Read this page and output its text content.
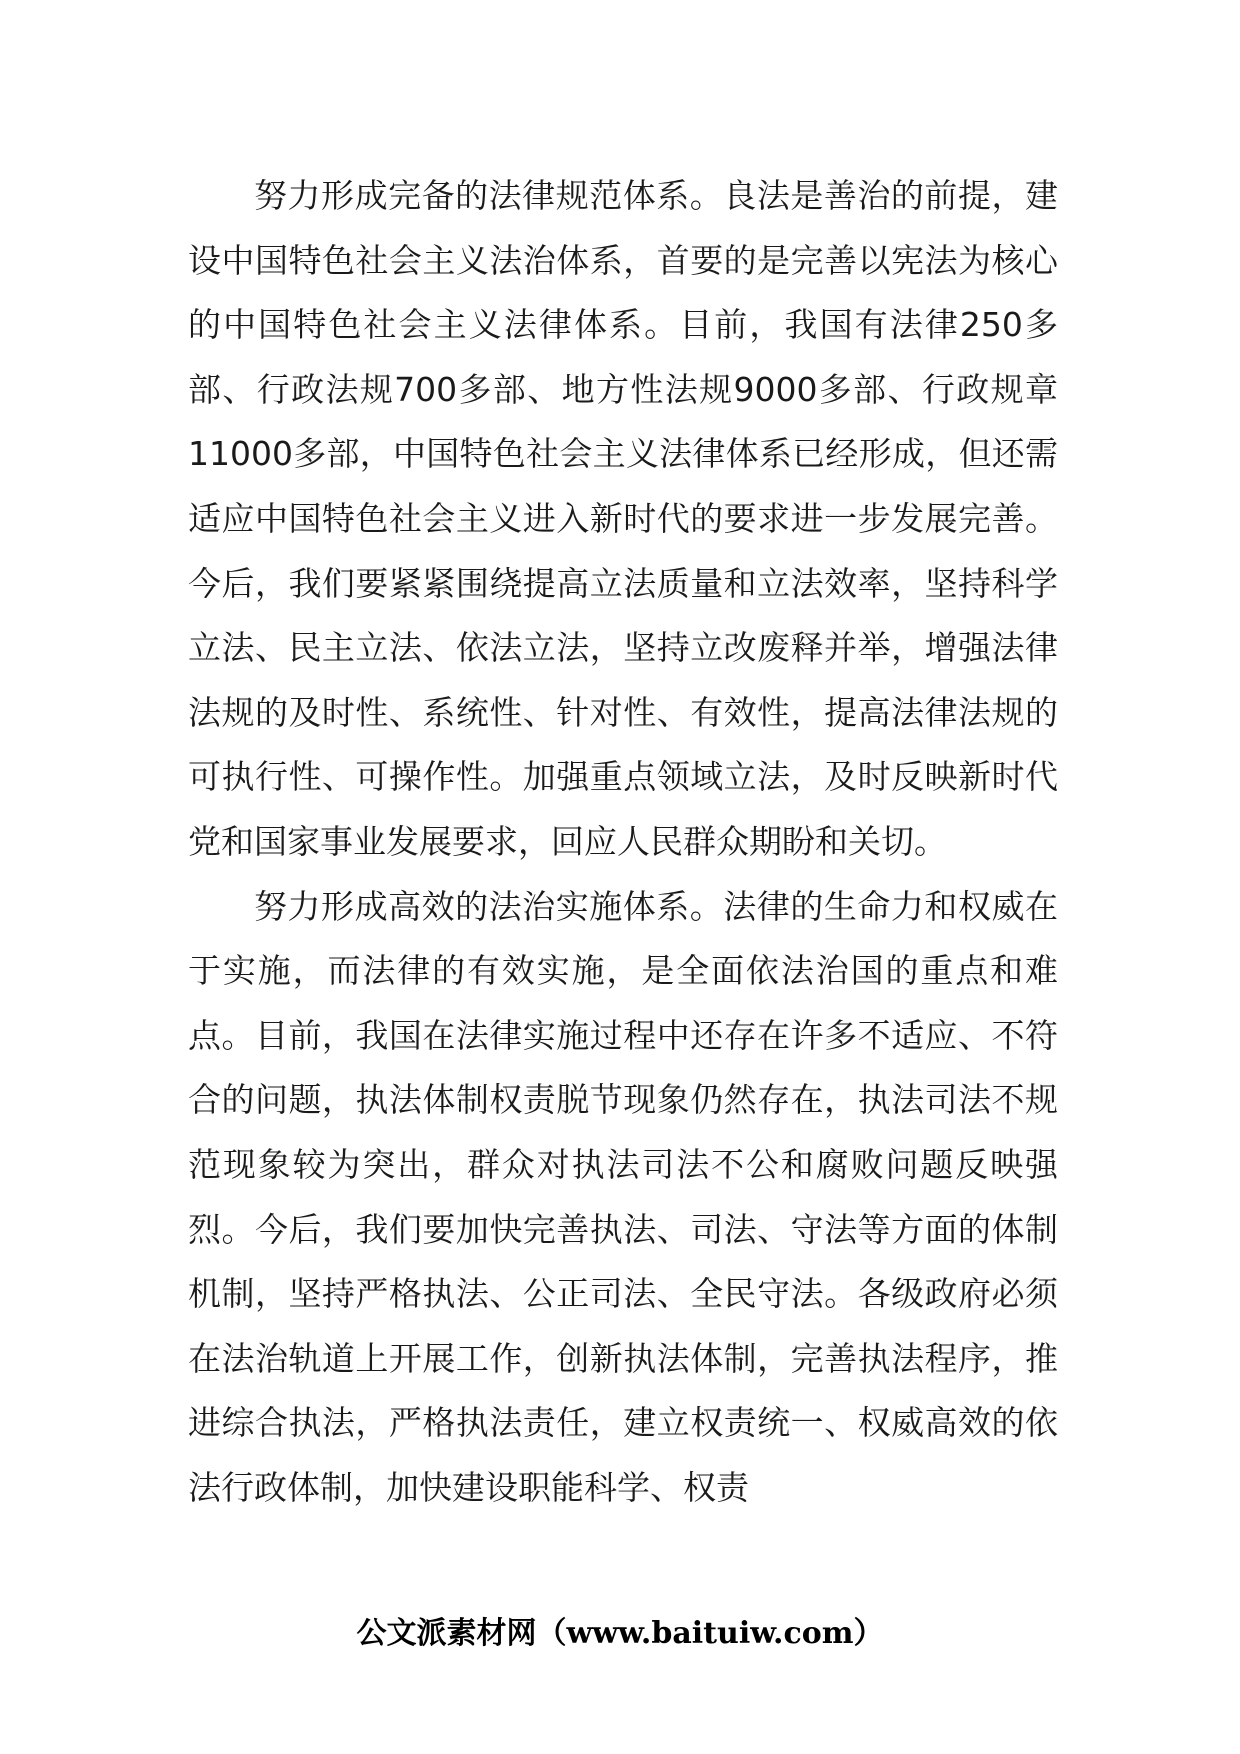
努力形成完备的法律规范体系。良法是善治的前提，建设中国特色社会主义法治体系，首要的是完善以宪法为核心的中国特色社会主义法律体系。目前，我国有法律250多部、行政法规700多部、地方性法规9000多部、行政规章11000多部，中国特色社会主义法律体系已经形成，但还需适应中国特色社会主义进入新时代的要求进一步发展完善。今后，我们要紧紧围绕提高立法质量和立法效率，坚持科学立法、民主立法、依法立法，坚持立改废释并举，增强法律法规的及时性、系统性、针对性、有效性，提高法律法规的可执行性、可操作性。加强重点领域立法，及时反映新时代党和国家事业发展要求，回应人民群众期盼和关切。

努力形成高效的法治实施体系。法律的生命力和权威在于实施，而法律的有效实施，是全面依法治国的重点和难点。目前，我国在法律实施过程中还存在许多不适应、不符合的问题，执法体制权责脱节现象仍然存在，执法司法不规范现象较为突出，群众对执法司法不公和腐败问题反映强烈。今后，我们要加快完善执法、司法、守法等方面的体制机制，坚持严格执法、公正司法、全民守法。各级政府必须在法治轨道上开展工作，创新执法体制，完善执法程序，推进综合执法，严格执法责任，建立权责统一、权威高效的依法行政体制，加快建设职能科学、权责

公文派素材网（www.baituiw.com）
